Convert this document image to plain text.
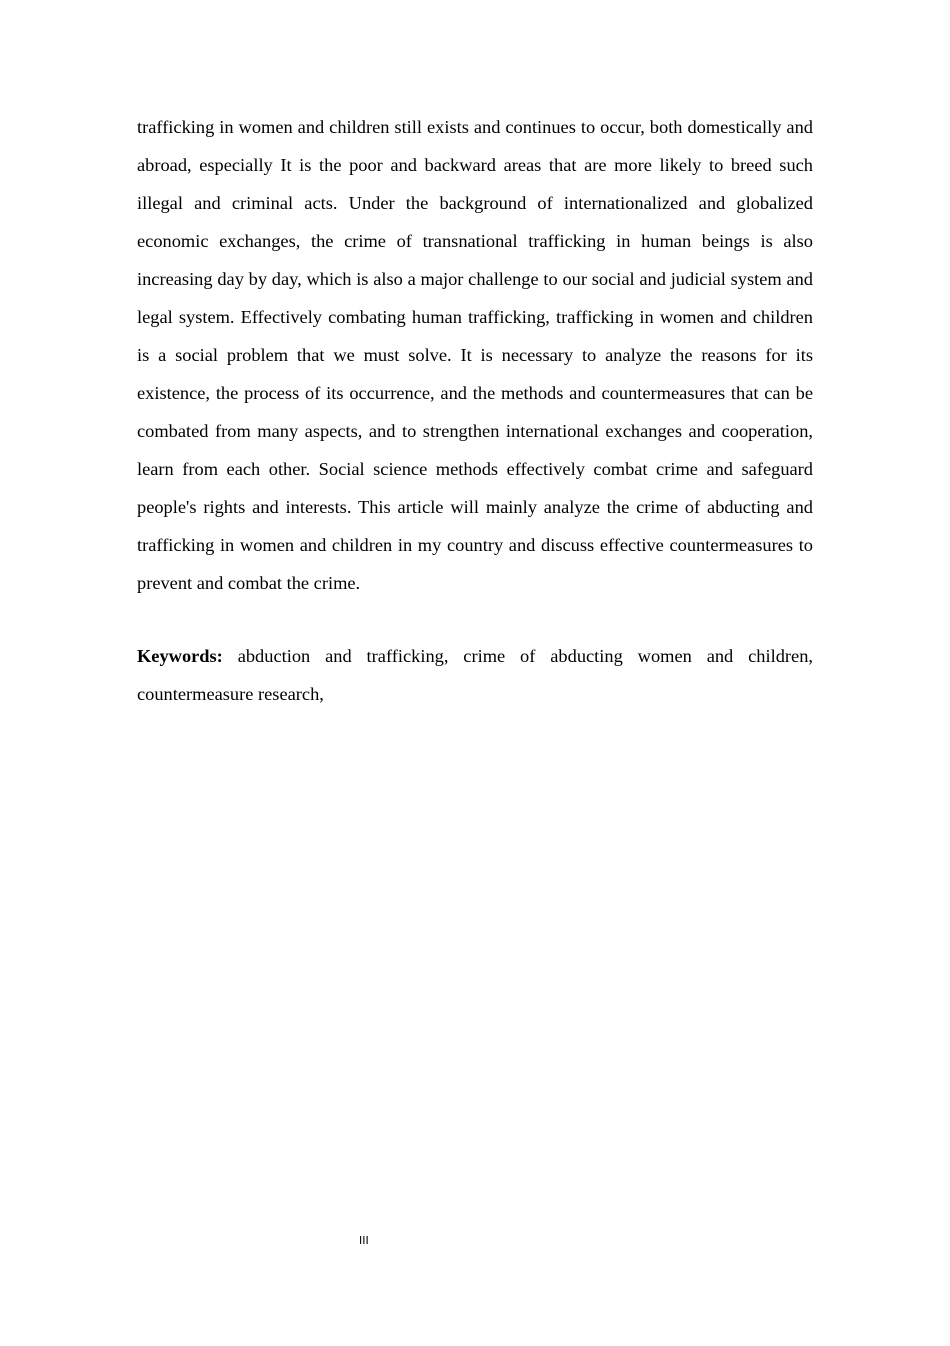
trafficking in women and children still exists and continues to occur, both domestically and abroad, especially It is the poor and backward areas that are more likely to breed such illegal and criminal acts. Under the background of internationalized and globalized economic exchanges, the crime of transnational trafficking in human beings is also increasing day by day, which is also a major challenge to our social and judicial system and legal system. Effectively combating human trafficking, trafficking in women and children is a social problem that we must solve. It is necessary to analyze the reasons for its existence, the process of its occurrence, and the methods and countermeasures that can be combated from many aspects, and to strengthen international exchanges and cooperation, learn from each other. Social science methods effectively combat crime and safeguard people's rights and interests. This article will mainly analyze the crime of abducting and trafficking in women and children in my country and discuss effective countermeasures to prevent and combat the crime.

Keywords: abduction and trafficking, crime of abducting women and children, countermeasure research,

III
